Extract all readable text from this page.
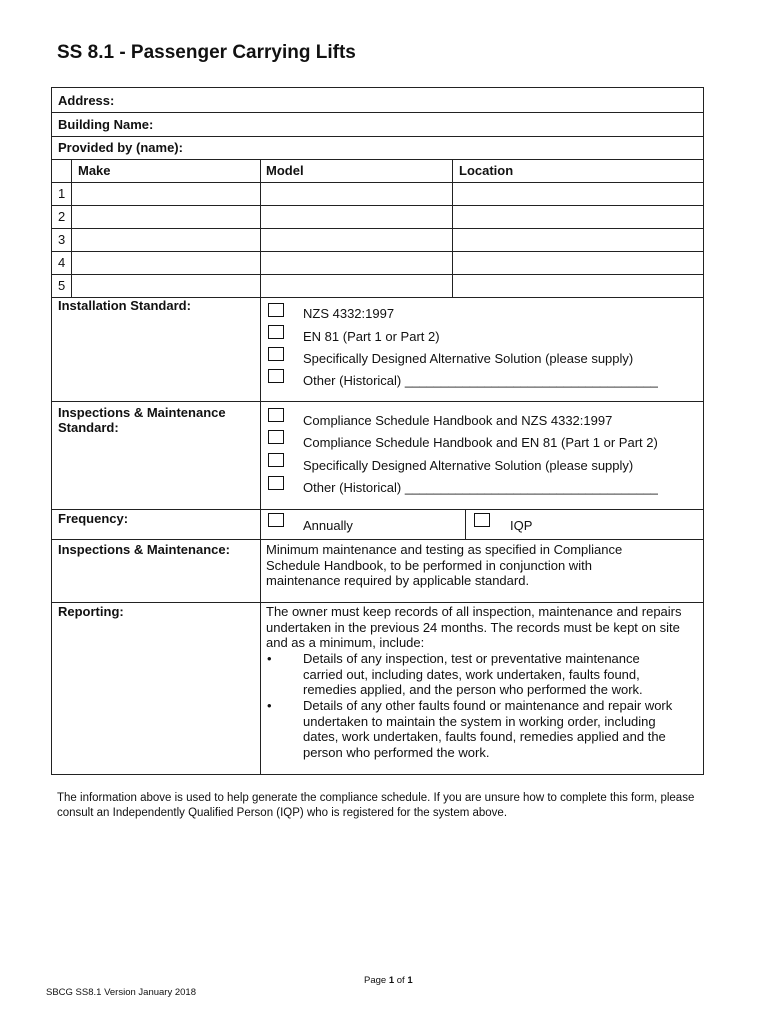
SS 8.1 - Passenger Carrying Lifts
Address:
Building Name:
Provided by (name):
Make	Model	Location
1
2
3
4
5
Installation Standard:
NZS 4332:1997
EN 81 (Part 1 or Part 2)
Specifically Designed Alternative Solution (please supply)
Other (Historical) ___________________________________
Inspections & Maintenance
Standard:	Compliance Schedule Handbook and NZS 4332:1997
Compliance Schedule Handbook and EN 81 (Part 1 or Part 2)
Specifically Designed Alternative Solution (please supply)
Other (Historical) ___________________________________
Frequency:	Annually	IQP
Inspections & Maintenance:	Minimum maintenance and testing as specified in Compliance Schedule Handbook, to be performed in conjunction with maintenance required by applicable standard.
Reporting:	The owner must keep records of all inspection, maintenance and repairs undertaken in the previous 24 months. The records must be kept on site and as a minimum, include:
• Details of any inspection, test or preventative maintenance carried out, including dates, work undertaken, faults found, remedies applied, and the person who performed the work.
• Details of any other faults found or maintenance and repair work undertaken to maintain the system in working order, including dates, work undertaken, faults found, remedies applied and the person who performed the work.
The information above is used to help generate the compliance schedule. If you are unsure how to complete this form, please consult an Independently Qualified Person (IQP) who is registered for the system above.
Page 1 of 1
SBCG SS8.1 Version January 2018
